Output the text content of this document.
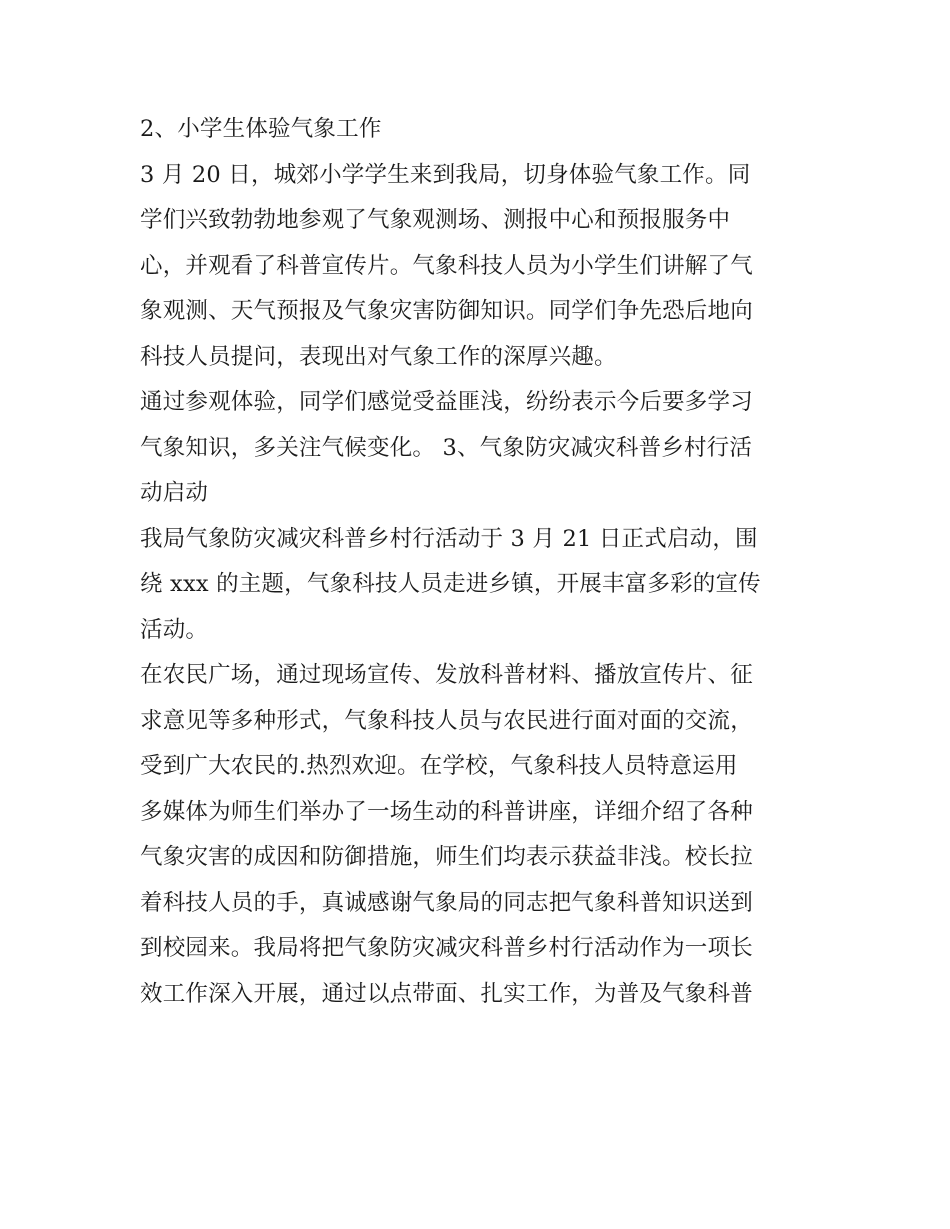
2、小学生体验气象工作

3 月 20 日，城郊小学学生来到我局，切身体验气象工作。同
学们兴致勃勃地参观了气象观测场、测报中心和预报服务中
心，并观看了科普宣传片。气象科技人员为小学生们讲解了气
象观测、天气预报及气象灾害防御知识。同学们争先恐后地向
科技人员提问，表现出对气象工作的深厚兴趣。

通过参观体验，同学们感觉受益匪浅，纷纷表示今后要多学习
气象知识，多关注气候变化。 3、气象防灾减灾科普乡村行活
动启动

我局气象防灾减灾科普乡村行活动于 3 月 21 日正式启动，围
绕 xxx 的主题，气象科技人员走进乡镇，开展丰富多彩的宣传
活动。

在农民广场，通过现场宣传、发放科普材料、播放宣传片、征
求意见等多种形式，气象科技人员与农民进行面对面的交流，
受到广大农民的.热烈欢迎。在学校，气象科技人员特意运用
多媒体为师生们举办了一场生动的科普讲座，详细介绍了各种
气象灾害的成因和防御措施，师生们均表示获益非浅。校长拉
着科技人员的手，真诚感谢气象局的同志把气象科普知识送到
到校园来。我局将把气象防灾减灾科普乡村行活动作为一项长
效工作深入开展，通过以点带面、扎实工作，为普及气象科普
